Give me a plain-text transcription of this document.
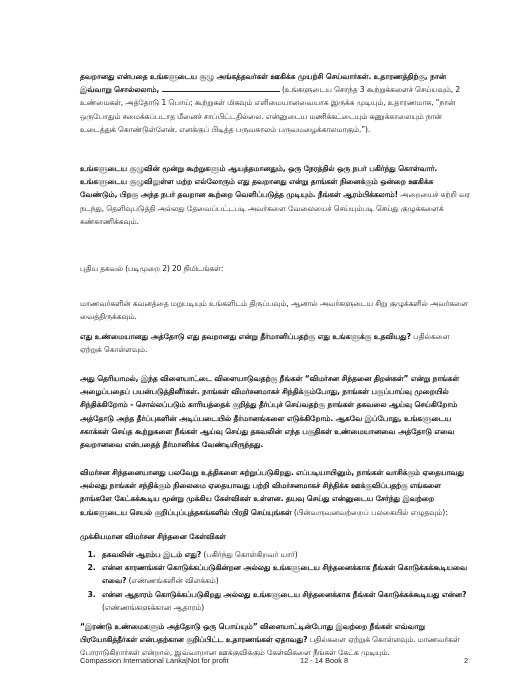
தவறானது என்பதை உங்களுடைய குழு அங்கத்தவர்கள் ஊகிக்க முயற்சி செய்வார்கள். உதாரணத்திற்கு, நான் இவ்வாறு சொல்லலாம்,	(உங்களுடைய சொந்த 3 கூற்றுக்களைச் செய்யவும், 2 உண்மைகள், அத்தோடு 1 பொய்; கூற்றுகள் மிகவும் எளிமையானவையாக இருக்க முடியும், உதாரணமாக, “நான் ஒருபோதும் சமைக்கப்படாத மீனைச் சாப்பிட்டதில்லை. என்னுடைய மணிக்கட்டையும் கணுக்காலையும் நான் உடைத்துக் கொண்டுள்ளேன். எனக்குப் பிடித்த பருவகாலம் பருவமழைக்காலமாகும்.”).

உங்களுடைய குழுவின் மூன்று கூற்றுகளும் ஆயத்தமானதும், ஒரு நேரத்தில் ஒரு நபர் பகிர்ந்து கொள்வார். உங்களுடைய குழுவிலுள்ள மற்ற எல்லோரும் எது தவறானது என்று தாங்கள் நினைக்கும் ஒன்றை ஊகிக்க வேண்டும், பிறகு அந்த நபர் தவறான கூற்றை வெளிப்படுத்த முடியும். நீங்கள் ஆரம்பிக்கலாம்! அறையைச் சுற்றி வர நடந்து, தெளிவுபடுத்தி அல்லது தேவைப்பட்டபடி அவர்களை வேலையைச் செய்யும்படி செய்து குழுக்களைக் கண்காணிக்கவும்.

புதிய தகவல் (படிமுறை 2) 20 நிமிடங்கள்:

மாணவர்களின் கவனத்தை மறுபடியும் உங்களிடம் திருப்பவும், ஆனால் அவர்களுடைய சிறு குழுக்களில் அவர்களை வைத்திருக்கவும்.

எது உண்மையானது அத்தோடு எது தவறானது என்று தீர்மானிப்பதற்கு எது உங்களுக்கு உதவியது? பதில்களை ஏற்றுக் கொள்ளவும்.

அது தெரியாமல், இந்த விளையாட்டை விளையாடுவதற்கு நீங்கள் “விமர்சன சிந்தனை திறன்கள்” என்று நாங்கள் அழைப்பதைப் பயன்படுத்தினீர்கள். நாங்கள் விமர்சனமாகச் சிந்திக்கும்போது, நாங்கள் பகுப்பாய்வு முறையில் சிந்திக்கிறோம் - சொல்லப்படும் காரியத்தைக் குறித்து தீர்ப்புச் செய்வதற்கு நாங்கள் தகவலை ஆய்வு செய்கிறோம் அத்தோடு அந்த தீர்ப்புகளின் அடிப்படையில் தீர்மானங்களை எடுக்கிறோம். ஆகவே இப்போது, உங்களுடைய சகாக்கள் செய்த கூற்றுகளை நீங்கள் ஆய்வு செய்து தகவலின் எந்த பகுதிகள் உண்மையானவை அத்தோடு எவை தவறானவை என்பதைத் தீர்மானிக்க வேண்டியிருந்தது.

விமர்சன சிந்தனையானது பலவேறு உத்திகளை சுற்றுப்படுகிறது. எப்படியாயினும், நாங்கள் வாசிக்கும் ஏதையாவது அல்லது நாங்கள் சந்திக்கும் நிலைமை ஏதையாவது பற்றி விமர்சனமாகச் சிந்திக்க ஊக்குவிப்பதற்கு எங்களை நாங்களே கேட்கக்கூடிய மூன்று முக்கிய கேள்விகள் உள்ளன. தயவு செய்து என்னுடைய சேர்ந்து இவற்றை உங்களுடைய செயல் குறிப்புப்புத்தகங்களில் பிரதி செய்யுங்கள் (பின்வருவனவற்றைப் பலகையில் எழுதவும்):

முக்கியமான விமர்சன சிந்தனை கேள்விகள்

1. தகவலின் ஆரம்ப இடம் எது? (பகிர்ந்து கொள்கிறவர் யார்)
2. என்ன காரணங்கள் கொடுக்கப்படுகின்றன அல்லது உங்களுடைய சிந்தனைக்காக நீங்கள் கொடுக்கக்கூடியவை எவை? (எண்ணங்களின் விளக்கம்)
3. என்ன ஆதாரம் கொடுக்கப்படுகிறது அல்லது உங்களுடைய சிந்தனைக்காக நீங்கள் கொடுக்கக்கூடியது என்ன? (எண்ணங்களுக்கான ஆதாரம்)

“இரண்டு உண்மைகளும் அத்தோடு ஒரு பொய்யும்” விளையாட்டின்போது இவற்றை நீங்கள் எவ்வாறு பிரயோகித்தீர்கள் என்பதற்கான குறிப்பிட்ட உதாரணங்கள் ஏதாவது? பதில்களை ஏற்றுக் கொள்ளவும். மாணவர்கள் போராடுகிறார்கள் என்றால், இவ்வாறான ஊக்குவிக்கும் கேள்விகளை நீங்கள் கேட்க முடியும்.

Compassion International Lanka|Not for profit	12 - 14 Book 8	2
